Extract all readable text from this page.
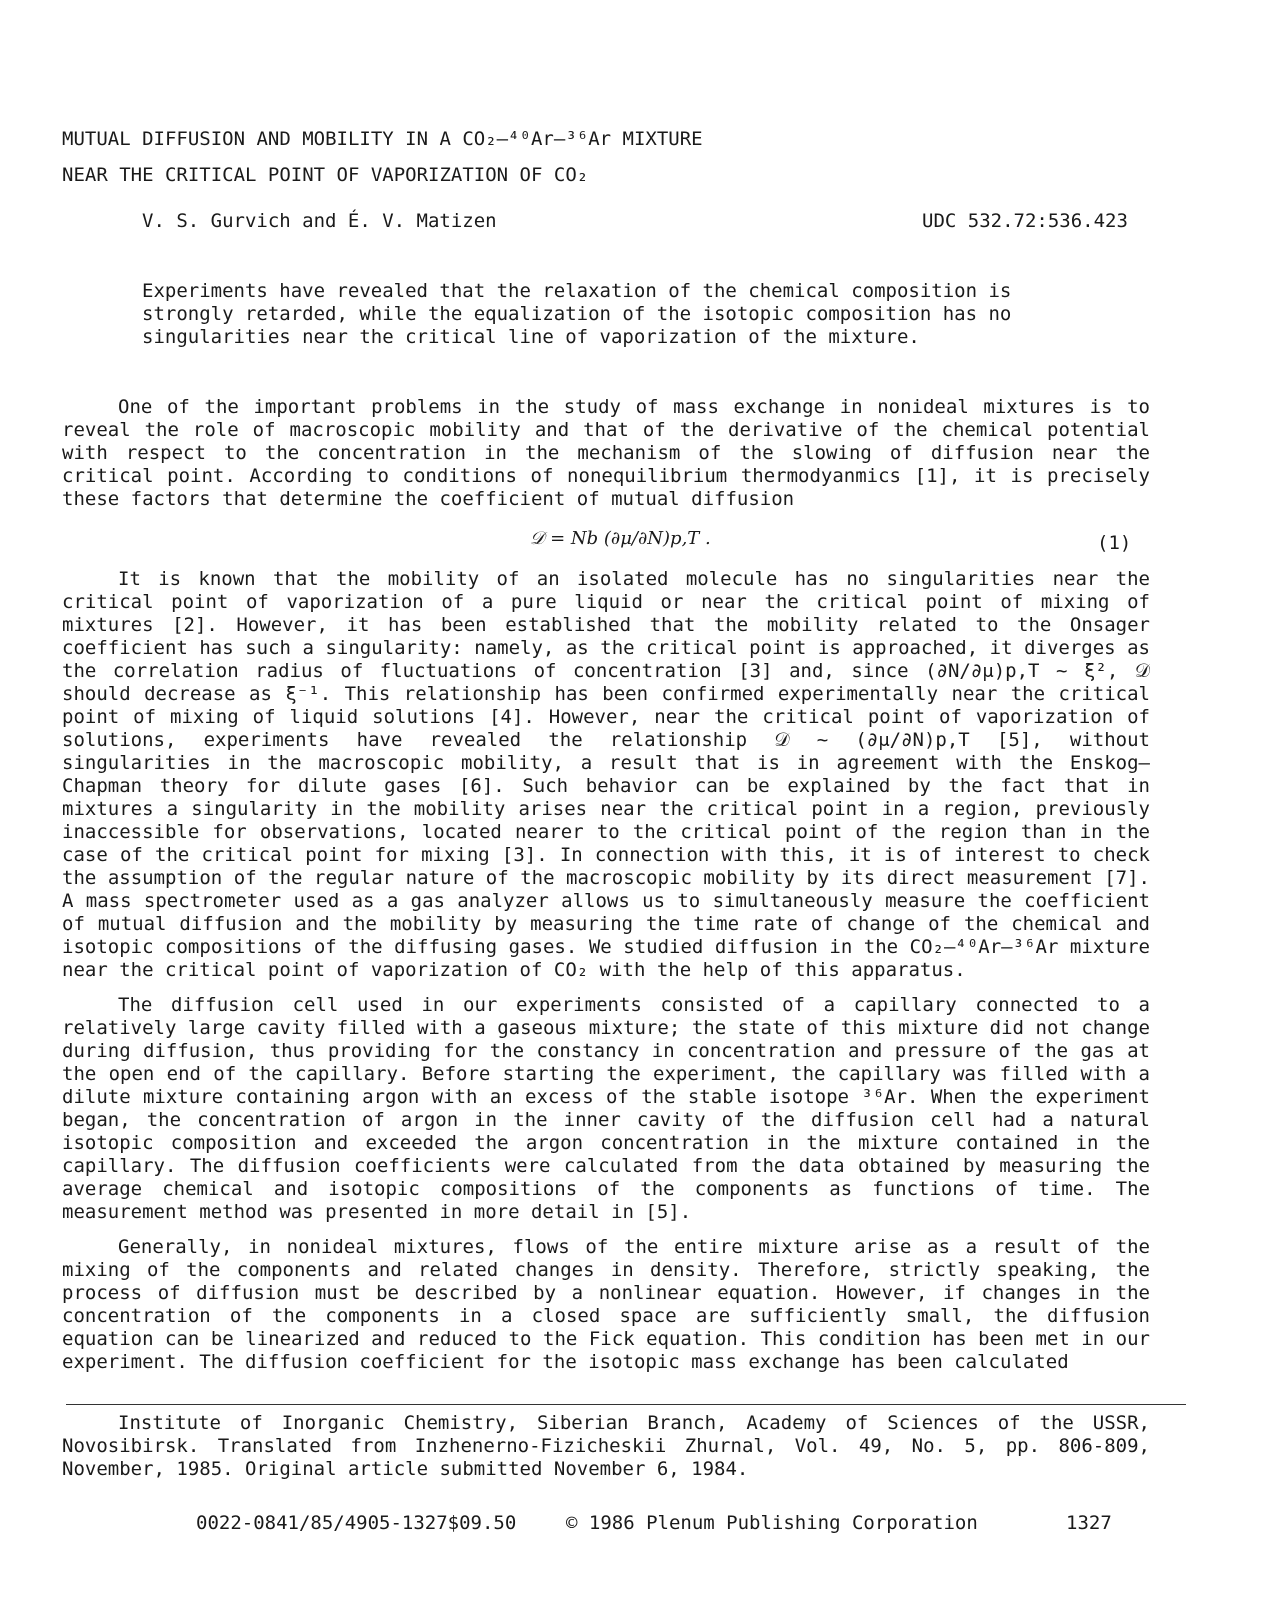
MUTUAL DIFFUSION AND MOBILITY IN A CO₂–⁴⁰Ar–³⁶Ar MIXTURE
NEAR THE CRITICAL POINT OF VAPORIZATION OF CO₂
V. S. Gurvich and É. V. Matizen	UDC 532.72:536.423
Experiments have revealed that the relaxation of the chemical composition is strongly retarded, while the equalization of the isotopic composition has no singularities near the critical line of vaporization of the mixture.

One of the important problems in the study of mass exchange in nonideal mixtures is to reveal the role of macroscopic mobility and that of the derivative of the chemical potential with respect to the concentration in the mechanism of the slowing of diffusion near the critical point. According to conditions of nonequilibrium thermodyanmics [1], it is precisely these factors that determine the coefficient of mutual diffusion

𝒟 = Nb (∂μ/∂N)p,T .	(1)

It is known that the mobility of an isolated molecule has no singularities near the critical point of vaporization of a pure liquid or near the critical point of mixing of mixtures [2]. However, it has been established that the mobility related to the Onsager coefficient has such a singularity: namely, as the critical point is approached, it diverges as the correlation radius of fluctuations of concentration [3] and, since (∂N/∂μ)p,T ~ ξ², 𝒟 should decrease as ξ⁻¹. This relationship has been confirmed experimentally near the critical point of mixing of liquid solutions [4]. However, near the critical point of vaporization of solutions, experiments have revealed the relationship 𝒟 ~ (∂μ/∂N)p,T [5], without singularities in the macroscopic mobility, a result that is in agreement with the Enskog–Chapman theory for dilute gases [6]. Such behavior can be explained by the fact that in mixtures a singularity in the mobility arises near the critical point in a region, previously inaccessible for observations, located nearer to the critical point of the region than in the case of the critical point for mixing [3]. In connection with this, it is of interest to check the assumption of the regular nature of the macroscopic mobility by its direct measurement [7]. A mass spectrometer used as a gas analyzer allows us to simultaneously measure the coefficient of mutual diffusion and the mobility by measuring the time rate of change of the chemical and isotopic compositions of the diffusing gases. We studied diffusion in the CO₂–⁴⁰Ar–³⁶Ar mixture near the critical point of vaporization of CO₂ with the help of this apparatus.

The diffusion cell used in our experiments consisted of a capillary connected to a relatively large cavity filled with a gaseous mixture; the state of this mixture did not change during diffusion, thus providing for the constancy in concentration and pressure of the gas at the open end of the capillary. Before starting the experiment, the capillary was filled with a dilute mixture containing argon with an excess of the stable isotope ³⁶Ar. When the experiment began, the concentration of argon in the inner cavity of the diffusion cell had a natural isotopic composition and exceeded the argon concentration in the mixture contained in the capillary. The diffusion coefficients were calculated from the data obtained by measuring the average chemical and isotopic compositions of the components as functions of time. The measurement method was presented in more detail in [5].

Generally, in nonideal mixtures, flows of the entire mixture arise as a result of the mixing of the components and related changes in density. Therefore, strictly speaking, the process of diffusion must be described by a nonlinear equation. However, if changes in the concentration of the components in a closed space are sufficiently small, the diffusion equation can be linearized and reduced to the Fick equation. This condition has been met in our experiment. The diffusion coefficient for the isotopic mass exchange has been calculated

Institute of Inorganic Chemistry, Siberian Branch, Academy of Sciences of the USSR, Novosibirsk. Translated from Inzhenerno-Fizicheskii Zhurnal, Vol. 49, No. 5, pp. 806-809, November, 1985. Original article submitted November 6, 1984.

0022-0841/85/4905-1327$09.50	© 1986 Plenum Publishing Corporation	1327
